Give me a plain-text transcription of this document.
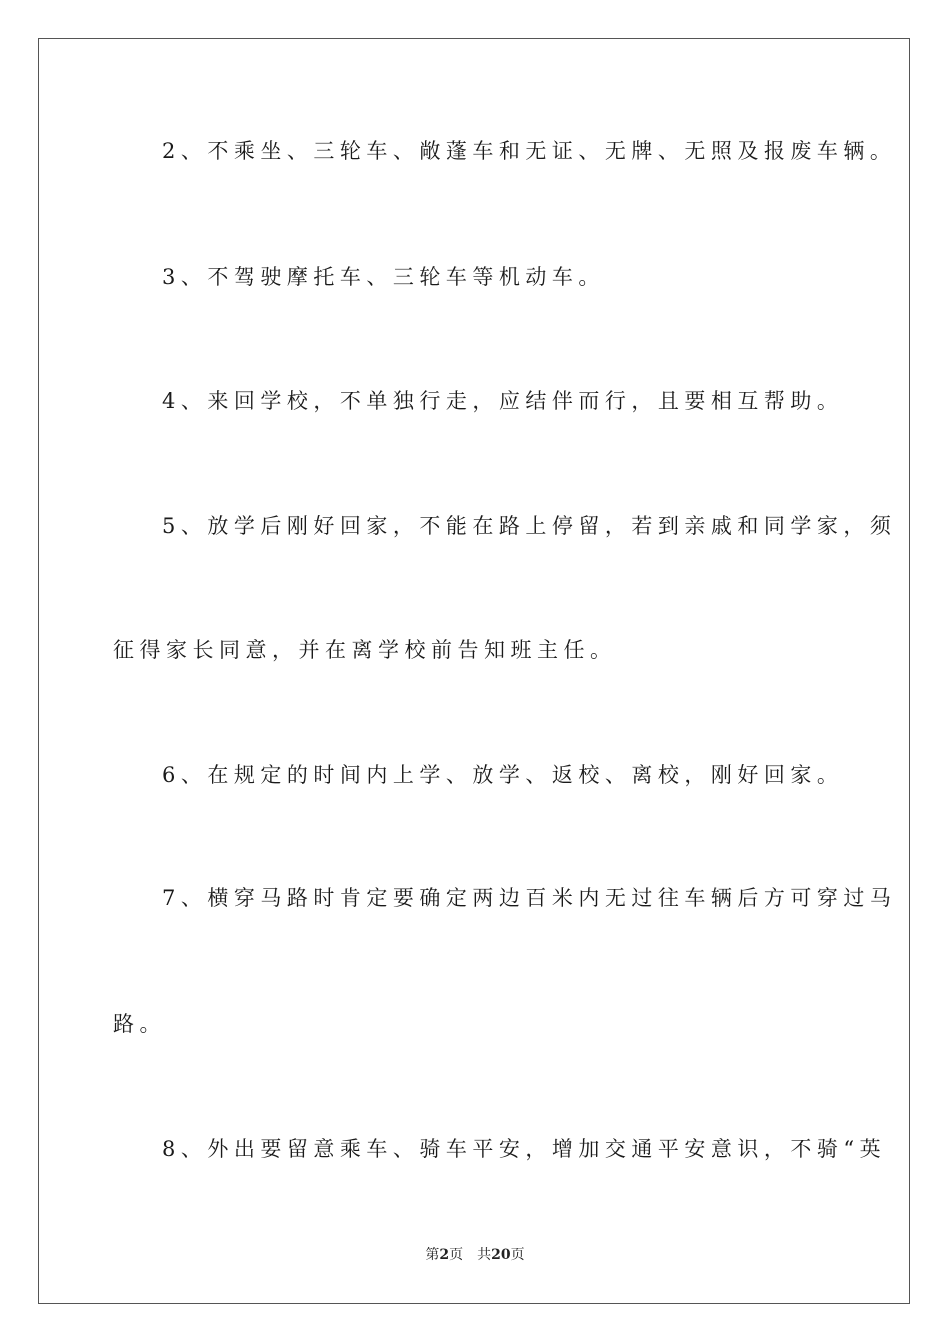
2、不乘坐、三轮车、敞蓬车和无证、无牌、无照及报废车辆。
3、不驾驶摩托车、三轮车等机动车。
4、来回学校，不单独行走，应结伴而行，且要相互帮助。
5、放学后刚好回家，不能在路上停留，若到亲戚和同学家，须
征得家长同意，并在离学校前告知班主任。
6、在规定的时间内上学、放学、返校、离校，刚好回家。
7、横穿马路时肯定要确定两边百米内无过往车辆后方可穿过马
路。
8、外出要留意乘车、骑车平安，增加交通平安意识，不骑“英
第2页 共20页
